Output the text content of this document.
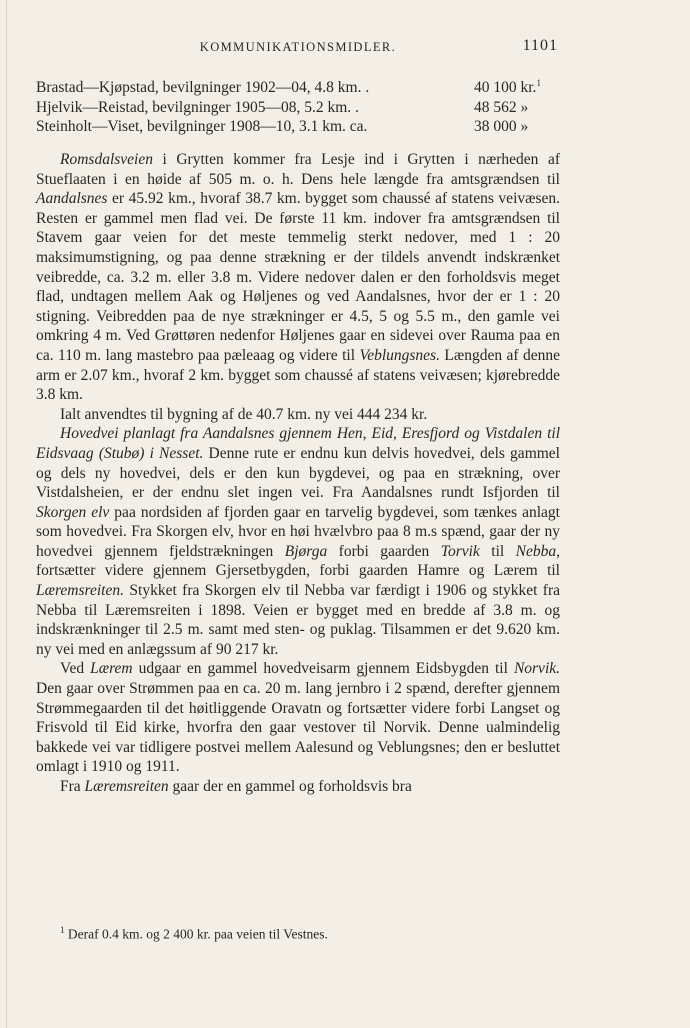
KOMMUNIKATIONSMIDLER.	1101
Brastad—Kjøpstad, bevilgninger 1902—04, 4.8 km. .	40 100 kr.$^1$
Hjelvik—Reistad, bevilgninger 1905—08, 5.2 km. .	48 562 »
Steinholt—Viset, bevilgninger 1908—10, 3.1 km. ca.	38 000 »

Romsdalsveien i Grytten kommer fra Lesje ind i Grytten i nærheden af Stueflaaten i en høide af 505 m. o. h. Dens hele længde fra amtsgrændsen til Aandalsnes er 45.92 km., hvoraf 38.7 km. bygget som chaussé af statens veivæsen. Resten er gammel men flad vei. De første 11 km. indover fra amtsgrændsen til Stavem gaar veien for det meste temmelig sterkt nedover, med 1 : 20 maksimumstigning, og paa denne strækning er der tildels anvendt indskrænket veibredde, ca. 3.2 m. eller 3.8 m. Videre nedover dalen er den forholdsvis meget flad, undtagen mellem Aak og Høljenes og ved Aandalsnes, hvor der er 1 : 20 stigning. Veibredden paa de nye strækninger er 4.5, 5 og 5.5 m., den gamle vei omkring 4 m. Ved Grøttøren nedenfor Høljenes gaar en sidevei over Rauma paa en ca. 110 m. lang mastebro paa pæleaag og videre til Veblungsnes. Længden af denne arm er 2.07 km., hvoraf 2 km. bygget som chaussé af statens veivæsen; kjørebredde 3.8 km.

Ialt anvendtes til bygning af de 40.7 km. ny vei 444 234 kr.

Hovedvei planlagt fra Aandalsnes gjennem Hen, Eid, Eresfjord og Vistdalen til Eidsvaag (Stubø) i Nesset. Denne rute er endnu kun delvis hovedvei, dels gammel og dels ny hovedvei, dels er den kun bygdevei, og paa en strækning, over Vistdalsheien, er der endnu slet ingen vei. Fra Aandalsnes rundt Isfjorden til Skorgen elv paa nordsiden af fjorden gaar en tarvelig bygdevei, som tænkes anlagt som hovedvei. Fra Skorgen elv, hvor en høi hvælvbro paa 8 m.s spænd, gaar der ny hovedvei gjennem fjeldstrækningen Bjørga forbi gaarden Torvik til Nebba, fortsætter videre gjennem Gjersetbygden, forbi gaarden Hamre og Lærem til Læremsreiten. Stykket fra Skorgen elv til Nebba var færdigt i 1906 og stykket fra Nebba til Læremsreiten i 1898. Veien er bygget med en bredde af 3.8 m. og indskrænkninger til 2.5 m. samt med sten- og puklag. Tilsammen er det 9.620 km. ny vei med en anlægssum af 90 217 kr.

Ved Lærem udgaar en gammel hovedveisarm gjennem Eidsbygden til Norvik. Den gaar over Strømmen paa en ca. 20 m. lang jernbro i 2 spænd, derefter gjennem Strømmegaarden til det høitliggende Oravatn og fortsætter videre forbi Langset og Frisvold til Eid kirke, hvorfra den gaar vestover til Norvik. Denne ualmindelig bakkede vei var tidligere postvei mellem Aalesund og Veblungsnes; den er besluttet omlagt i 1910 og 1911.

Fra Læremsreiten gaar der en gammel og forholdsvis bra

$^1$ Deraf 0.4 km. og 2 400 kr. paa veien til Vestnes.
